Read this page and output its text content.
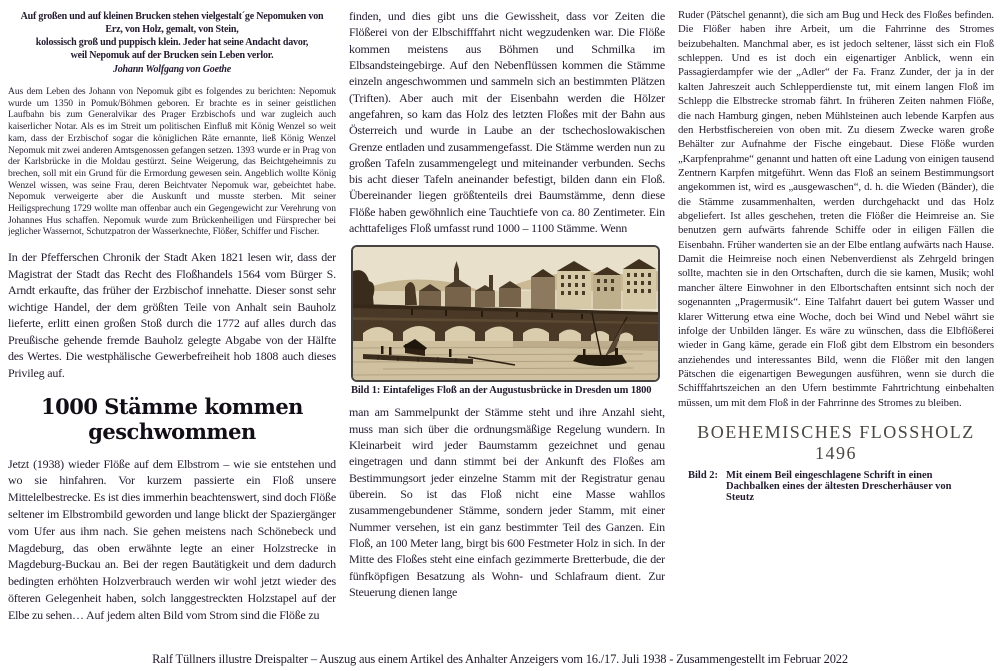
Auf großen und auf kleinen Brucken stehen vielgestalt´ge Nepomuken von
Erz, von Holz, gemalt, von Stein,
kolossisch groß und puppisch klein. Jeder hat seine Andacht davor,
weil Nepomuk auf der Brucken sein Leben verlor.
Johann Wolfgang von Goethe

Aus dem Leben des Johann von Nepomuk gibt es folgendes zu berichten: Nepomuk wurde um 1350 in Pomuk/Böhmen geboren. Er brachte es in seiner geistlichen Laufbahn bis zum Generalvikar des Prager Erzbischofs und war zugleich auch kaiserlicher Notar. Als es im Streit um politischen Einfluß mit König Wenzel so weit kam, dass der Erzbischof sogar die königlichen Räte ernannte, ließ König Wenzel Nepomuk mit zwei anderen Amtsgenossen gefangen setzen. 1393 wurde er in Prag von der Karlsbrücke in die Moldau gestürzt. Seine Weigerung, das Beichtgeheimnis zu brechen, soll mit ein Grund für die Ermordung gewesen sein. Angeblich wollte König Wenzel wissen, was seine Frau, deren Beichtvater Nepomuk war, gebeichtet habe. Nepomuk verweigerte aber die Auskunft und musste sterben. Mit seiner Heiligsprechung 1729 wollte man offenbar auch ein Gegengewicht zur Verehrung von Johannes Hus schaffen. Nepomuk wurde zum Brückenheiligen und Fürsprecher bei jeglicher Wassernot, Schutzpatron der Wasserknechte, Flößer, Schiffer und Fischer.

In der Pfefferschen Chronik der Stadt Aken 1821 lesen wir, dass der Magistrat der Stadt das Recht des Floßhandels 1564 vom Bürger S. Arndt erkaufte, das früher der Erzbischof innehatte. Dieser sonst sehr wichtige Handel, der dem größten Teile von Anhalt sein Bauholz lieferte, erlitt einen großen Stoß durch die 1772 auf alles durch das Preußische gehende fremde Bauholz gelegte Abgabe von der Hälfte des Wertes. Die westphälische Gewerbefreiheit hob 1808 auch dieses Privileg auf.

1000 Stämme kommen geschwommen

Jetzt (1938) wieder Flöße auf dem Elbstrom – wie sie entstehen und wo sie hinfahren. Vor kurzem passierte ein Floß unsere Mittelelbestrecke. Es ist dies immerhin beachtenswert, sind doch Flöße seltener im Elbstrombild geworden und lange blickt der Spaziergänger vom Ufer aus ihm nach. Sie gehen meistens nach Schönebeck und Magdeburg, das oben erwähnte legte an einer Holzstrecke in Magdeburg-Buckau an. Bei der regen Bautätigkeit und dem dadurch bedingten erhöhten Holzverbrauch werden wir wohl jetzt wieder des öfteren Gelegenheit haben, solch langgestreckten Holzstapel auf der Elbe zu sehen… Auf jedem alten Bild vom Strom sind die Flöße zu

finden, und dies gibt uns die Gewissheit, dass vor Zeiten die Flößerei von der Elbschifffahrt nicht wegzudenken war. Die Flöße kommen meistens aus Böhmen und Schmilka im Elbsandsteingebirge. Auf den Nebenflüssen kommen die Stämme einzeln angeschwommen und sammeln sich an bestimmten Plätzen (Triften). Aber auch mit der Eisenbahn werden die Hölzer angefahren, so kam das Holz des letzten Floßes mit der Bahn aus Österreich und wurde in Laube an der tschechoslowakischen Grenze entladen und zusammengefasst. Die Stämme werden nun zu großen Tafeln zusammengelegt und miteinander verbunden. Sechs bis acht dieser Tafeln aneinander befestigt, bilden dann ein Floß. Übereinander liegen größtenteils drei Baumstämme, denn diese Flöße haben gewöhnlich eine Tauchtiefe von ca. 80 Zentimeter. Ein achttafeliges Floß umfasst rund 1000 – 1100 Stämme. Wenn

Bild 1: Eintafeliges Floß an der Augustusbrücke in Dresden um 1800

man am Sammelpunkt der Stämme steht und ihre Anzahl sieht, muss man sich über die ordnungsmäßige Regelung wundern. In Kleinarbeit wird jeder Baumstamm gezeichnet und genau eingetragen und dann stimmt bei der Ankunft des Floßes am Bestimmungsort jeder einzelne Stamm mit der Registratur genau überein. So ist das Floß nicht eine Masse wahllos zusammengebundener Stämme, sondern jeder Stamm, mit einer Nummer versehen, ist ein ganz bestimmter Teil des Ganzen. Ein Floß, an 100 Meter lang, birgt bis 600 Festmeter Holz in sich. In der Mitte des Floßes steht eine einfach gezimmerte Bretterbude, die der fünfköpfigen Besatzung als Wohn- und Schlafraum dient. Zur Steuerung dienen lange

Ruder (Pätschel genannt), die sich am Bug und Heck des Floßes befinden. Die Flößer haben ihre Arbeit, um die Fahrrinne des Stromes beizubehalten. Manchmal aber, es ist jedoch seltener, lässt sich ein Floß schleppen. Und es ist doch ein eigenartiger Anblick, wenn ein Passagierdampfer wie der „Adler“ der Fa. Franz Zunder, der ja in der kalten Jahreszeit auch Schlepperdienste tut, mit einem langen Floß im Schlepp die Elbstrecke stromab fährt. In früheren Zeiten nahmen Flöße, die nach Hamburg gingen, neben Mühlsteinen auch lebende Karpfen aus den Herbstfischereien von oben mit. Zu diesem Zwecke waren große Behälter zur Aufnahme der Fische eingebaut. Diese Flöße wurden „Karpfenprahme“ genannt und hatten oft eine Ladung von einigen tausend Zentnern Karpfen mitgeführt. Wenn das Floß an seinem Bestimmungsort angekommen ist, wird es „ausgewaschen“, d. h. die Wieden (Bänder), die die Stämme zusammenhalten, werden durchgehackt und das Holz abgeliefert. Ist alles geschehen, treten die Flößer die Heimreise an. Sie benutzen gern aufwärts fahrende Schiffe oder in eiligen Fällen die Eisenbahn. Früher wanderten sie an der Elbe entlang aufwärts nach Hause. Damit die Heimreise noch einen Nebenverdienst als Zehrgeld bringen sollte, machten sie in den Ortschaften, durch die sie kamen, Musik; wohl mancher ältere Einwohner in den Elbortschaften entsinnt sich noch der sogenannten „Pragermusik“. Eine Talfahrt dauert bei gutem Wasser und klarer Witterung etwa eine Woche, doch bei Wind und Nebel währt sie infolge der Unbilden länger. Es wäre zu wünschen, dass die Elbflößerei wieder in Gang käme, gerade ein Floß gibt dem Elbstrom ein besonders anziehendes und interessantes Bild, wenn die Flößer mit den langen Pätschen die eigenartigen Bewegungen ausführen, wenn sie durch die Schifffahrtszeichen an den Ufern bestimmte Fahrtrichtung einbehalten müssen, um mit dem Floß in der Fahrrinne des Stromes zu bleiben.

BOEHEMISCHES FLOSSHOLZ 1496
Bild 2: Mit einem Beil eingeschlagene Schrift in einen Dachbalken eines der ältesten Drescherhäuser von Steutz
Ralf Tüllners illustre Dreispalter – Auszug aus einem Artikel des Anhalter Anzeigers vom 16./17. Juli 1938 - Zusammengestellt im Februar 2022
